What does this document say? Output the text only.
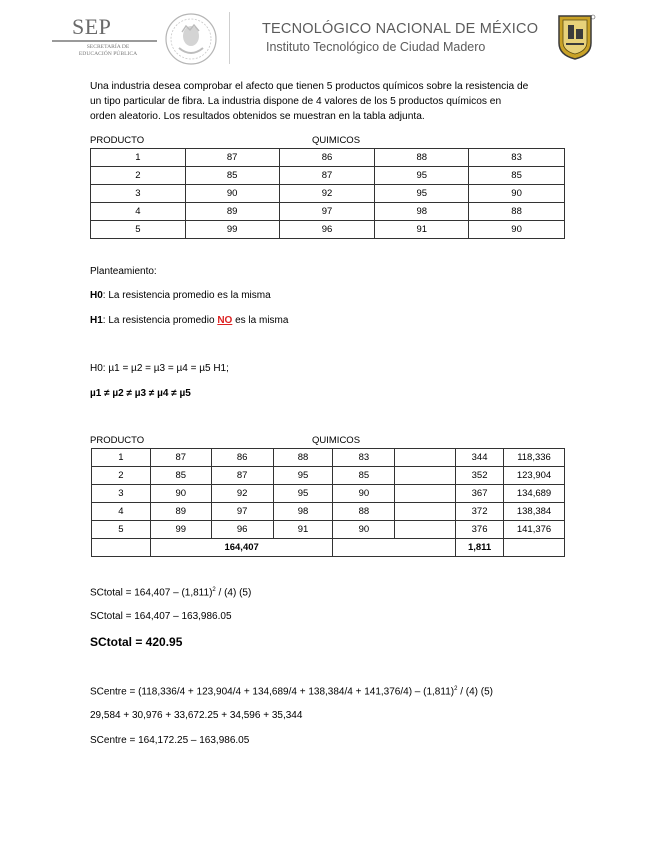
SEP
SECRETARÍA DE
EDUCACIÓN PÚBLICA
TECNOLÓGICO NACIONAL DE MÉXICO
Instituto Tecnológico de Ciudad Madero
Una industria desea comprobar el afecto que tienen 5 productos químicos sobre la resistencia de
un tipo particular de fibra. La industria dispone de 4 valores de los 5 productos químicos en
orden aleatorio. Los resultados obtenidos se muestran en la tabla adjunta.
PRODUCTO	QUIMICOS
1	87	86	88	83
2	85	87	95	85
3	90	92	95	90
4	89	97	98	88
5	99	96	91	90
Planteamiento:
H0: La resistencia promedio es la misma
H1: La resistencia promedio NO es la misma
H0: µ1 = µ2 = µ3 = µ4 = µ5 H1;
µ1 ≠ µ2 ≠ µ3 ≠ µ4 ≠ µ5
PRODUCTO	QUIMICOS
1	87	86	88	83		344	118,336
2	85	87	95	85		352	123,904
3	90	92	95	90		367	134,689
4	89	97	98	88		372	138,384
5	99	96	91	90		376	141,376
	164,407					1,811	
SCtotal = $164,407 - (1,811)^2 / (4)$ (5)
SCtotal = 164,407 – 163,986.05
SCtotal = 420.95
SCentre = $(118,336/4 + 123,904/4 + 134,689/4 + 138,384/4 + 141,376/4) - (1,811)^2 / (4)$ (5)
29,584 + 30,976 + 33,672.25 + 34,596 + 35,344
SCentre = 164,172.25 – 163,986.05
